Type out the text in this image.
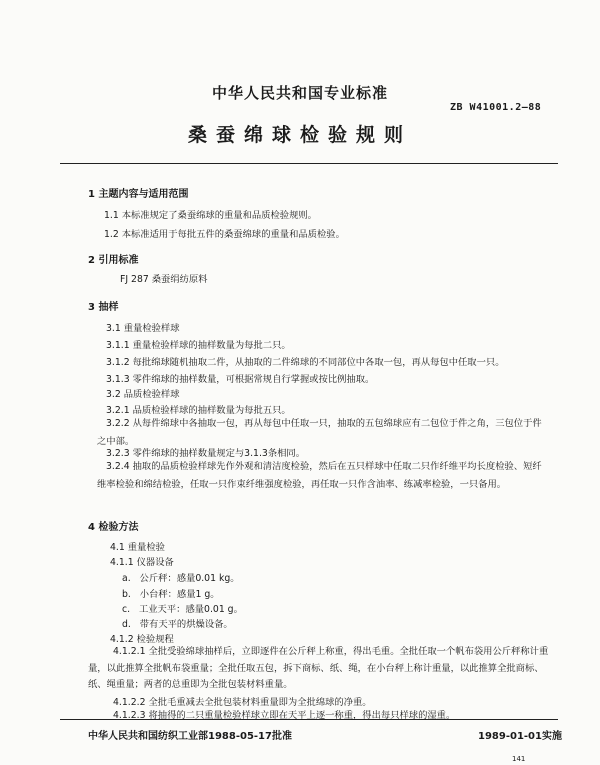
中华人民共和国专业标准
ZB W41001.2—88
桑蚕绵球检验规则
1 主题内容与适用范围
1.1 本标准规定了桑蚕绵球的重量和品质检验规则。
1.2 本标准适用于每批五件的桑蚕绵球的重量和品质检验。
2 引用标准
FJ 287 桑蚕绢纺原料
3 抽样
3.1 重量检验样球
3.1.1 重量检验样球的抽样数量为每批二只。
3.1.2 每批绵球随机抽取二件，从抽取的二件绵球的不同部位中各取一包，再从每包中任取一只。
3.1.3 零件绵球的抽样数量，可根据常规自行掌握或按比例抽取。
3.2 品质检验样球
3.2.1 品质检验样球的抽样数量为每批五只。
3.2.2 从每件绵球中各抽取一包，再从每包中任取一只，抽取的五包绵球应有二包位于件之角，三包位于件之中部。
3.2.3 零件绵球的抽样数量规定与3.1.3条相同。
3.2.4 抽取的品质检验样球先作外观和清洁度检验，然后在五只样球中任取二只作纤维平均长度检验、短纤维率检验和绵结检验，任取一只作束纤维强度检验，再任取一只作含油率、练减率检验，一只备用。
4 检验方法
4.1 重量检验
4.1.1 仪器设备
a. 公斤秤：感量0.01 kg。
b. 小台秤：感量1 g。
c. 工业天平：感量0.01 g。
d. 带有天平的烘燥设备。
4.1.2 检验规程
4.1.2.1 全批受验绵球抽样后，立即逐件在公斤秤上称重，得出毛重。全批任取一个帆布袋用公斤秤称计重量，以此推算全批帆布袋重量；全批任取五包，拆下商标、纸、绳，在小台秤上称计重量，以此推算全批商标、纸、绳重量；两者的总重即为全批包装材料重量。
4.1.2.2 全批毛重减去全批包装材料重量即为全批绵球的净重。
4.1.2.3 将抽得的二只重量检验样球立即在天平上逐一称重，得出每只样球的湿重。
中华人民共和国纺织工业部1988-05-17批准	1989-01-01实施
141
